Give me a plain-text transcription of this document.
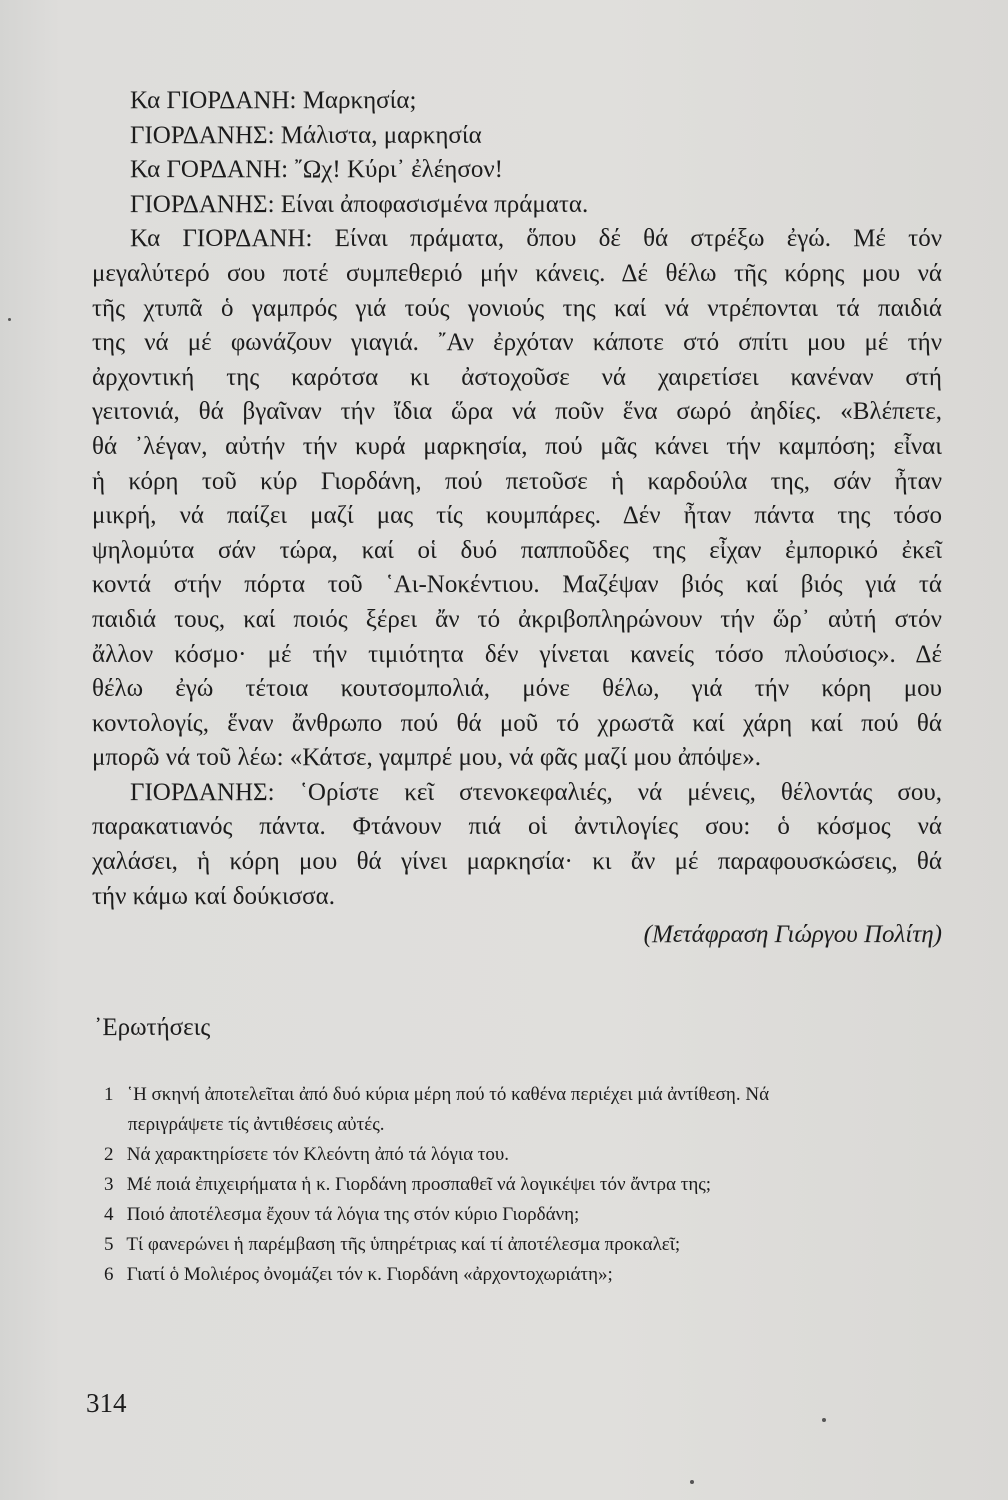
Κα ΓΙΟΡΔΑΝΗ: Μαρκησία;
ΓΙΟΡΔΑΝΗΣ: Μάλιστα, μαρκησία
Κα ΓΟΡΔΑΝΗ: ῎Ωχ! Κύρι᾽ ἐλέησον!
ΓΙΟΡΔΑΝΗΣ: Είναι ἀποφασισμένα πράματα.
Κα ΓΙΟΡΔΑΝΗ: Είναι πράματα, ὅπου δέ θά στρέξω ἐγώ. Μέ τόν
μεγαλύτερό σου ποτέ συμπεθεριό μήν κάνεις. Δέ θέλω τῆς κόρης μου νά
τῆς χτυπᾶ ὁ γαμπρός γιά τούς γονιούς της καί νά ντρέπονται τά παιδιά
της νά μέ φωνάζουν γιαγιά. ῎Αν ἐρχόταν κάποτε στό σπίτι μου μέ τήν
ἀρχοντική της καρότσα κι ἀστοχοῦσε νά χαιρετίσει κανέναν στή
γειτονιά, θά βγαῖναν τήν ἴδια ὥρα νά ποῦν ἕνα σωρό ἀηδίες. «Βλέπετε,
θά ᾽λέγαν, αὐτήν τήν κυρά μαρκησία, πού μᾶς κάνει τήν καμπόση; εἶναι
ἡ κόρη τοῦ κύρ Γιορδάνη, πού πετοῦσε ἡ καρδούλα της, σάν ἦταν
μικρή, νά παίζει μαζί μας τίς κουμπάρες. Δέν ἦταν πάντα της τόσο
ψηλομύτα σάν τώρα, καί οἱ δυό παπποῦδες της εἶχαν ἐμπορικό ἐκεῖ
κοντά στήν πόρτα τοῦ ῾Αι-Νοκέντιου. Μαζέψαν βιός καί βιός γιά τά
παιδιά τους, καί ποιός ξέρει ἄν τό ἀκριβοπληρώνουν τήν ὥρ᾽ αὐτή στόν
ἄλλον κόσμο· μέ τήν τιμιότητα δέν γίνεται κανείς τόσο πλούσιος». Δέ
θέλω ἐγώ τέτοια κουτσομπολιά, μόνε θέλω, γιά τήν κόρη μου
κοντολογίς, ἕναν ἄνθρωπο πού θά μοῦ τό χρωστᾶ καί χάρη καί πού θά
μπορῶ νά τοῦ λέω: «Κάτσε, γαμπρέ μου, νά φᾶς μαζί μου ἀπόψε».
ΓΙΟΡΔΑΝΗΣ: ῾Ορίστε κεῖ στενοκεφαλιές, νά μένεις, θέλοντάς σου,
παρακατιανός πάντα. Φτάνουν πιά οἱ ἀντιλογίες σου: ὁ κόσμος νά
χαλάσει, ἡ κόρη μου θά γίνει μαρκησία· κι ἄν μέ παραφουσκώσεις, θά
τήν κάμω καί δούκισσα.
(Μετάφραση Γιώργου Πολίτη)
᾽Ερωτήσεις
1 ῾Η σκηνή ἀποτελεῖται ἀπό δυό κύρια μέρη πού τό καθένα περιέχει μιά ἀντίθεση. Νά
περιγράψετε τίς ἀντιθέσεις αὐτές.
2 Νά χαρακτηρίσετε τόν Κλεόντη ἀπό τά λόγια του.
3 Μέ ποιά ἐπιχειρήματα ἡ κ. Γιορδάνη προσπαθεῖ νά λογικέψει τόν ἄντρα της;
4 Ποιό ἀποτέλεσμα ἔχουν τά λόγια της στόν κύριο Γιορδάνη;
5 Τί φανερώνει ἡ παρέμβαση τῆς ὑπηρέτριας καί τί ἀποτέλεσμα προκαλεῖ;
6 Γιατί ὁ Μολιέρος ὀνομάζει τόν κ. Γιορδάνη «ἀρχοντοχωριάτη»;
314
